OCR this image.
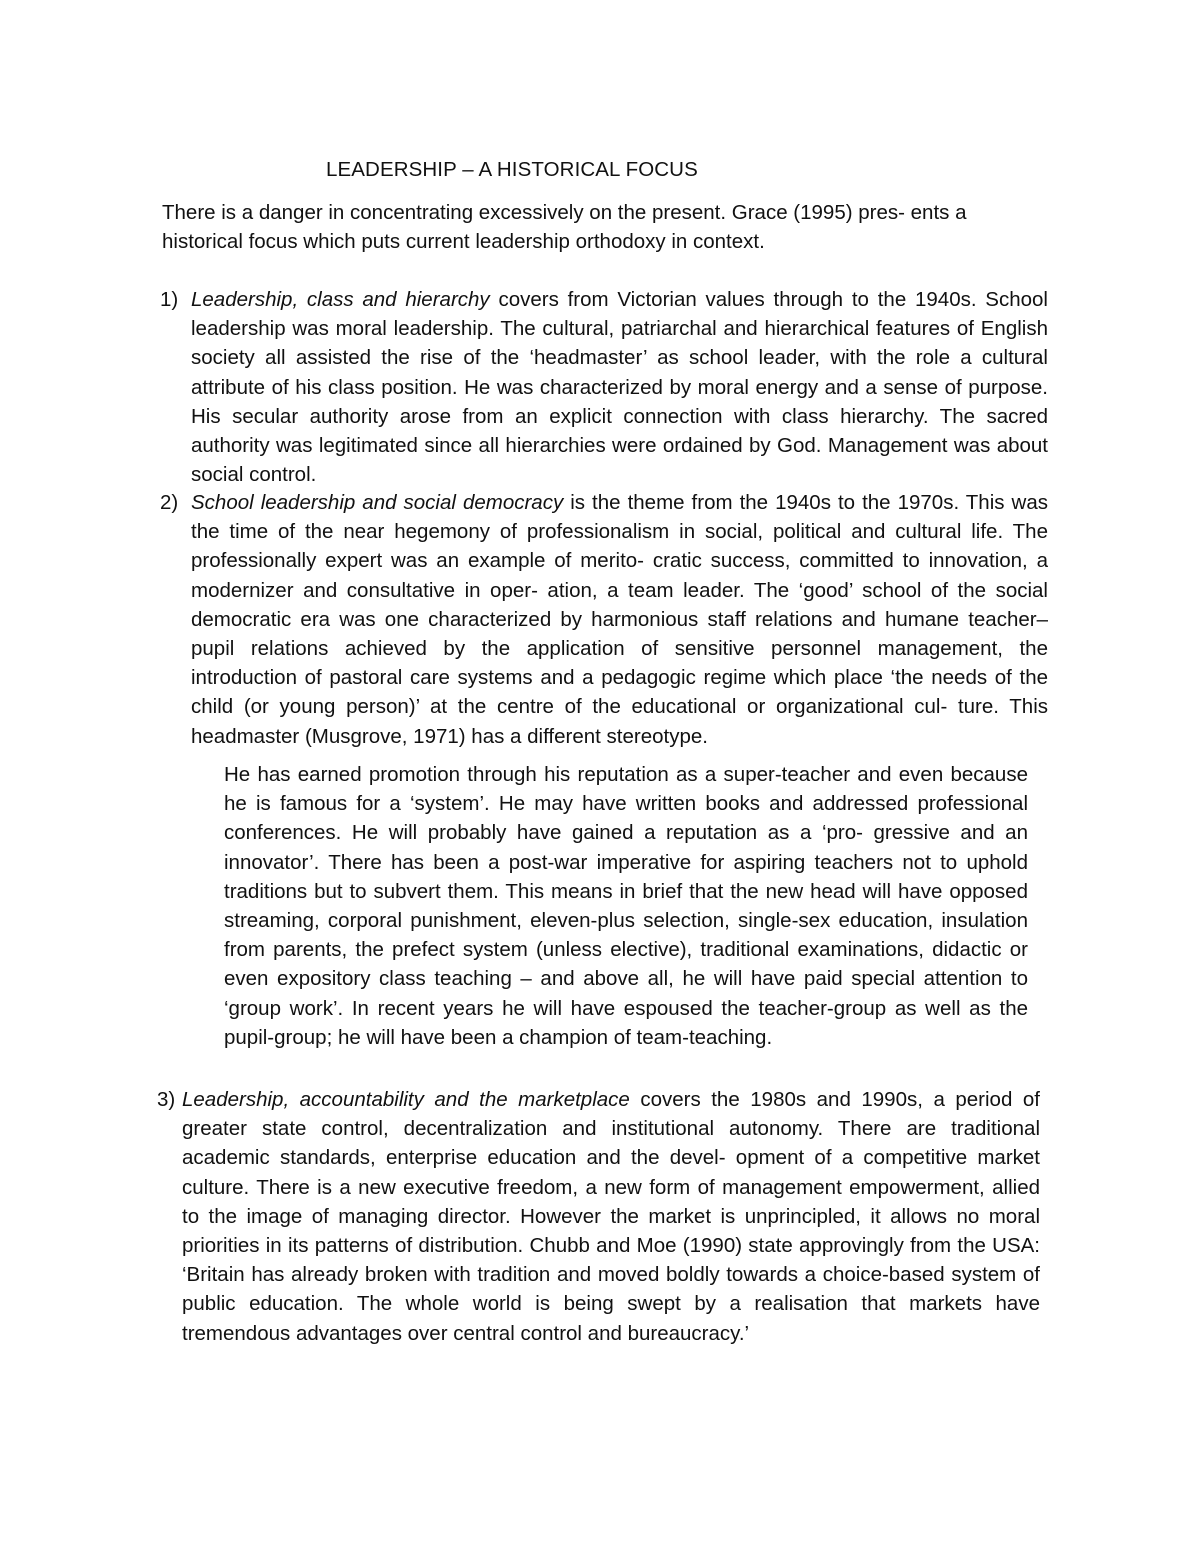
LEADERSHIP – A HISTORICAL FOCUS
There is a danger in concentrating excessively on the present. Grace (1995) pres- ents a historical focus which puts current leadership orthodoxy in context.
1) Leadership, class and hierarchy covers from Victorian values through to the 1940s. School leadership was moral leadership. The cultural, patriarchal and hierarchical features of English society all assisted the rise of the ‘headmaster’ as school leader, with the role a cultural attribute of his class position. He was characterized by moral energy and a sense of purpose. His secular authority arose from an explicit connection with class hierarchy. The sacred authority was legitimated since all hierarchies were ordained by God. Management was about social control.
2) School leadership and social democracy is the theme from the 1940s to the 1970s. This was the time of the near hegemony of professionalism in social, political and cultural life. The professionally expert was an example of merito- cratic success, committed to innovation, a modernizer and consultative in oper- ation, a team leader. The ‘good’ school of the social democratic era was one characterized by harmonious staff relations and humane teacher–pupil relations achieved by the application of sensitive personnel management, the introduction of pastoral care systems and a pedagogic regime which place ‘the needs of the child (or young person)’ at the centre of the educational or organizational cul- ture. This headmaster (Musgrove, 1971) has a different stereotype.
He has earned promotion through his reputation as a super-teacher and even because he is famous for a ‘system’. He may have written books and addressed professional conferences. He will probably have gained a reputation as a ‘pro- gressive and an innovator’. There has been a post-war imperative for aspiring teachers not to uphold traditions but to subvert them. This means in brief that the new head will have opposed streaming, corporal punishment, eleven-plus selection, single-sex education, insulation from parents, the prefect system (unless elective), traditional examinations, didactic or even expository class teaching – and above all, he will have paid special attention to ‘group work’. In recent years he will have espoused the teacher-group as well as the pupil-group; he will have been a champion of team-teaching.
3) Leadership, accountability and the marketplace covers the 1980s and 1990s, a period of greater state control, decentralization and institutional autonomy. There are traditional academic standards, enterprise education and the devel- opment of a competitive market culture. There is a new executive freedom, a new form of management empowerment, allied to the image of managing director. However the market is unprincipled, it allows no moral priorities in its patterns of distribution. Chubb and Moe (1990) state approvingly from the USA: ‘Britain has already broken with tradition and moved boldly towards a choice-based system of public education. The whole world is being swept by a realisation that markets have tremendous advantages over central control and bureaucracy.’
